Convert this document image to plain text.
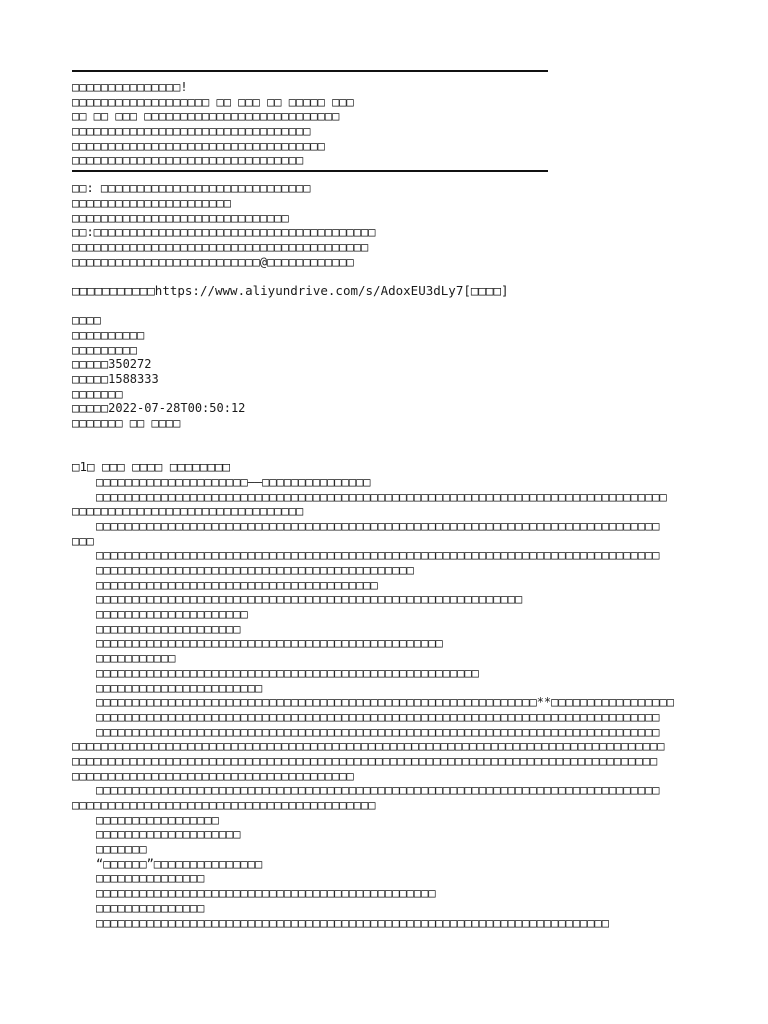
□□□□□□□□□□□□□□□!
□□□□□□□□□□□□□□□□□□□ □□ □□□ □□ □□□□□ □□□
□□ □□ □□□ □□□□□□□□□□□□□□□□□□□□□□□□□□□
□□□□□□□□□□□□□□□□□□□□□□□□□□□□□□□□□
□□□□□□□□□□□□□□□□□□□□□□□□□□□□□□□□□□□
□□□□□□□□□□□□□□□□□□□□□□□□□□□□□□□□
□□: □□□□□□□□□□□□□□□□□□□□□□□□□□□□□
□□□□□□□□□□□□□□□□□□□□□□
□□□□□□□□□□□□□□□□□□□□□□□□□□□□□□
□□:□□□□□□□□□□□□□□□□□□□□□□□□□□□□□□□□□□□□□□□
□□□□□□□□□□□□□□□□□□□□□□□□□□□□□□□□□□□□□□□□□
□□□□□□□□□□□□□□□□□□□□□□□□□□@□□□□□□□□□□□□
□□□□□□□□□□□https://www.aliyundrive.com/s/AdoxEU3dLy7[□□□□]
□□□□
□□□□□□□□□□
□□□□□□□□□
□□□□□350272
□□□□□1588333
□□□□□□□
□□□□□2022-07-28T00:50:12
□□□□□□□ □□ □□□□
□1□ □□□ □□□□ □□□□□□□□
□□□□□□□□□□□□□□□□□□□□□——□□□□□□□□□□□□□□□
□□□□□□□□□□□□□□□□□□□□□□□□□□□□□□□□□□□□□□□□□□□□□□□□□□□□□□□□□□□□□□□□□□□□□□□□□□□□□□□
□□□□□□□□□□□□□□□□□□□□□□□□□□□□□□□□
□□□□□□□□□□□□□□□□□□□□□□□□□□□□□□□□□□□□□□□□□□□□□□□□□□□□□□□□□□□□□□□□□□□□□□□□□□□□□□
□□□
□□□□□□□□□□□□□□□□□□□□□□□□□□□□□□□□□□□□□□□□□□□□□□□□□□□□□□□□□□□□□□□□□□□□□□□□□□□□□□
□□□□□□□□□□□□□□□□□□□□□□□□□□□□□□□□□□□□□□□□□□□□
□□□□□□□□□□□□□□□□□□□□□□□□□□□□□□□□□□□□□□□
□□□□□□□□□□□□□□□□□□□□□□□□□□□□□□□□□□□□□□□□□□□□□□□□□□□□□□□□□□□
□□□□□□□□□□□□□□□□□□□□□
□□□□□□□□□□□□□□□□□□□□
□□□□□□□□□□□□□□□□□□□□□□□□□□□□□□□□□□□□□□□□□□□□□□□□
□□□□□□□□□□□
□□□□□□□□□□□□□□□□□□□□□□□□□□□□□□□□□□□□□□□□□□□□□□□□□□□□□
□□□□□□□□□□□□□□□□□□□□□□□
□□□□□□□□□□□□□□□□□□□□□□□□□□□□□□□□□□□□□□□□□□□□□□□□□□□□□□□□□□□□□**□□□□□□□□□□□□□□□□□
□□□□□□□□□□□□□□□□□□□□□□□□□□□□□□□□□□□□□□□□□□□□□□□□□□□□□□□□□□□□□□□□□□□□□□□□□□□□□□
□□□□□□□□□□□□□□□□□□□□□□□□□□□□□□□□□□□□□□□□□□□□□□□□□□□□□□□□□□□□□□□□□□□□□□□□□□□□□□
□□□□□□□□□□□□□□□□□□□□□□□□□□□□□□□□□□□□□□□□□□□□□□□□□□□□□□□□□□□□□□□□□□□□□□□□□□□□□□□□□□
□□□□□□□□□□□□□□□□□□□□□□□□□□□□□□□□□□□□□□□□□□□□□□□□□□□□□□□□□□□□□□□□□□□□□□□□□□□□□□□□□
□□□□□□□□□□□□□□□□□□□□□□□□□□□□□□□□□□□□□□□
□□□□□□□□□□□□□□□□□□□□□□□□□□□□□□□□□□□□□□□□□□□□□□□□□□□□□□□□□□□□□□□□□□□□□□□□□□□□□□
□□□□□□□□□□□□□□□□□□□□□□□□□□□□□□□□□□□□□□□□□□
□□□□□□□□□□□□□□□□□
□□□□□□□□□□□□□□□□□□□□
□□□□□□□
“□□□□□□”□□□□□□□□□□□□□□□
□□□□□□□□□□□□□□□
□□□□□□□□□□□□□□□□□□□□□□□□□□□□□□□□□□□□□□□□□□□□□□□
□□□□□□□□□□□□□□□
□□□□□□□□□□□□□□□□□□□□□□□□□□□□□□□□□□□□□□□□□□□□□□□□□□□□□□□□□□□□□□□□□□□□□□□
